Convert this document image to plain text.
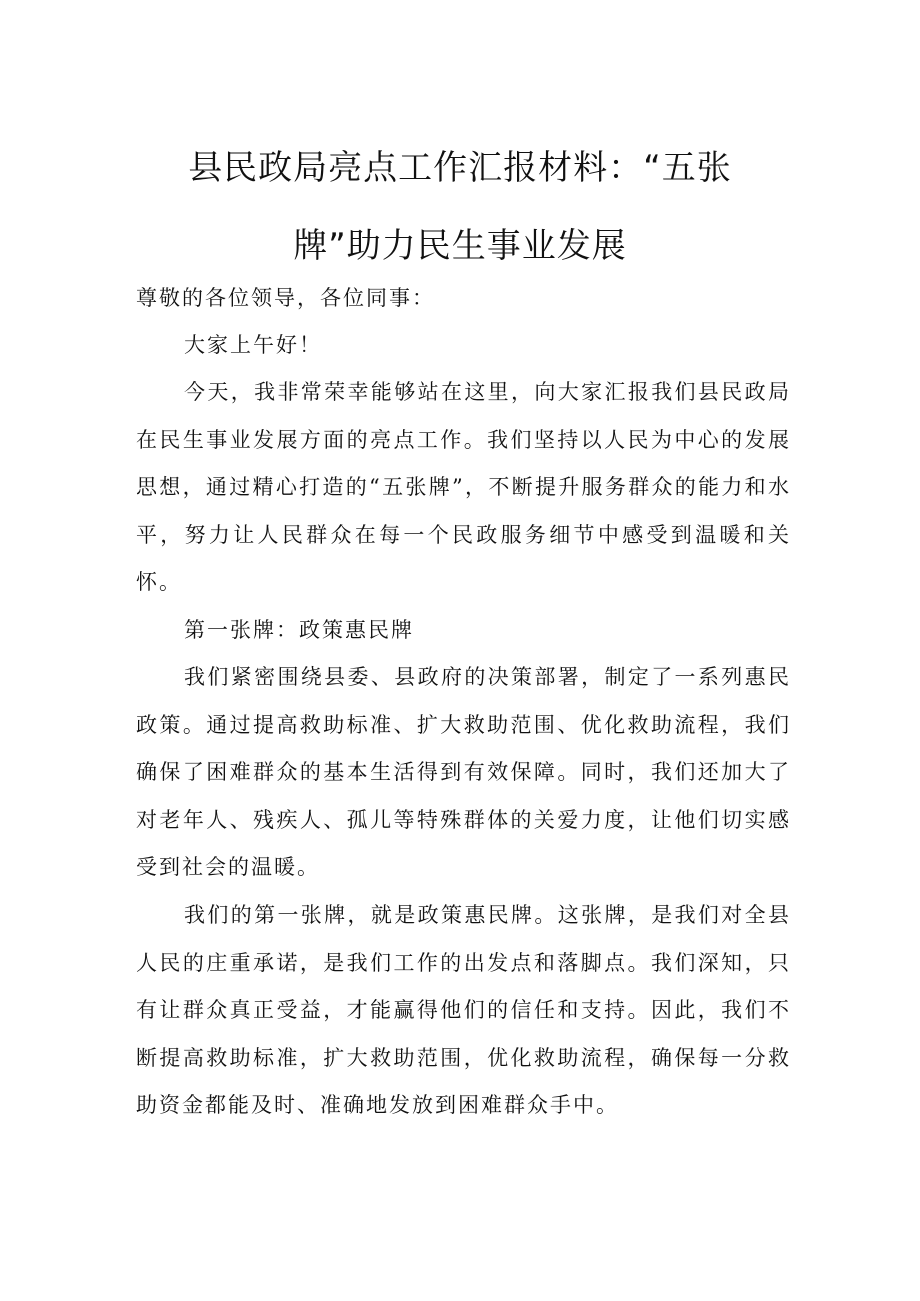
县民政局亮点工作汇报材料：“五张
牌”助力民生事业发展

尊敬的各位领导，各位同事：

大家上午好！

今天，我非常荣幸能够站在这里，向大家汇报我们县民政局在民生事业发展方面的亮点工作。我们坚持以人民为中心的发展思想，通过精心打造的“五张牌”，不断提升服务群众的能力和水平，努力让人民群众在每一个民政服务细节中感受到温暖和关怀。

第一张牌：政策惠民牌

我们紧密围绕县委、县政府的决策部署，制定了一系列惠民政策。通过提高救助标准、扩大救助范围、优化救助流程，我们确保了困难群众的基本生活得到有效保障。同时，我们还加大了对老年人、残疾人、孤儿等特殊群体的关爱力度，让他们切实感受到社会的温暖。

我们的第一张牌，就是政策惠民牌。这张牌，是我们对全县人民的庄重承诺，是我们工作的出发点和落脚点。我们深知，只有让群众真正受益，才能赢得他们的信任和支持。因此，我们不断提高救助标准，扩大救助范围，优化救助流程，确保每一分救助资金都能及时、准确地发放到困难群众手中。
